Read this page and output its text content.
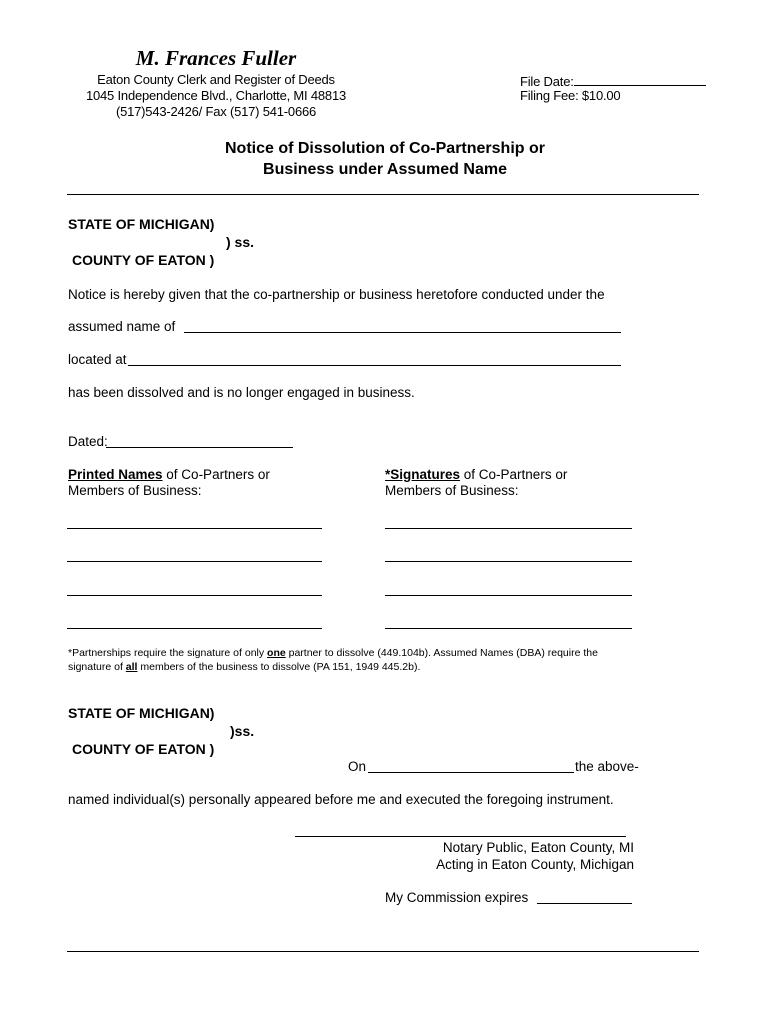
M. Frances Fuller
Eaton County Clerk and Register of Deeds
1045 Independence Blvd., Charlotte, MI 48813
(517)543-2426/ Fax (517) 541-0666
File Date:
Filing Fee: $10.00
Notice of Dissolution of Co-Partnership or
Business under Assumed Name
STATE OF MICHIGAN)
) ss.
COUNTY OF EATON )
Notice is hereby given that the co-partnership or business heretofore conducted under the
assumed name of
located at
has been dissolved and is no longer engaged in business.
Dated:
Printed Names of Co-Partners or
Members of Business:
*Signatures of Co-Partners or
Members of Business:
*Partnerships require the signature of only one partner to dissolve (449.104b). Assumed Names (DBA) require the
signature of all members of the business to dissolve (PA 151, 1949 445.2b).
STATE OF MICHIGAN)
)ss.
COUNTY OF EATON )
On	the above-
named individual(s) personally appeared before me and executed the foregoing instrument.
Notary Public, Eaton County, MI
Acting in Eaton County, Michigan
My Commission expires
